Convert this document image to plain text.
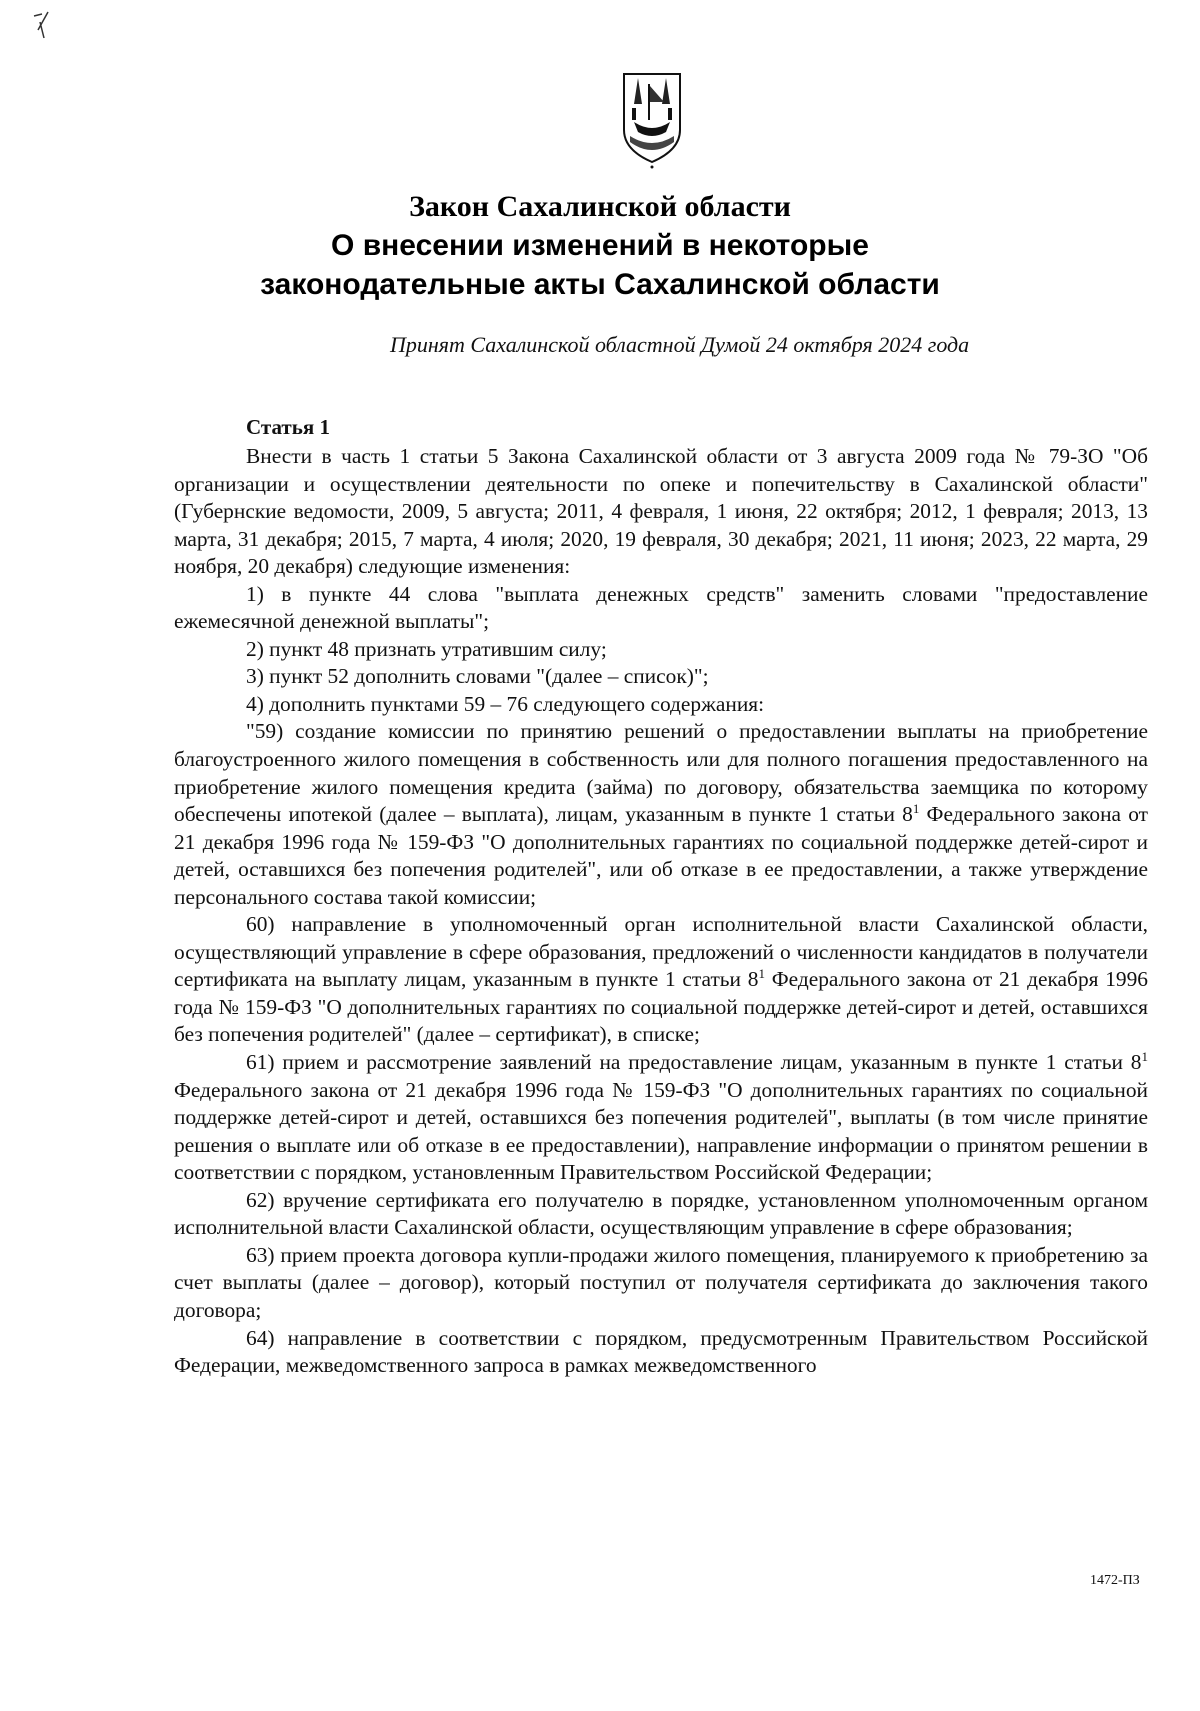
Закон Сахалинской области
О внесении изменений в некоторые
законодательные акты Сахалинской области
Принят Сахалинской областной Думой 24 октября 2024 года
Статья 1

Внести в часть 1 статьи 5 Закона Сахалинской области от 3 августа 2009 года № 79-ЗО "Об организации и осуществлении деятельности по опеке и попечительству в Сахалинской области" (Губернские ведомости, 2009, 5 августа; 2011, 4 февраля, 1 июня, 22 октября; 2012, 1 февраля; 2013, 13 марта, 31 декабря; 2015, 7 марта, 4 июля; 2020, 19 февраля, 30 декабря; 2021, 11 июня; 2023, 22 марта, 29 ноября, 20 декабря) следующие изменения:

1) в пункте 44 слова "выплата денежных средств" заменить словами "предоставление ежемесячной денежной выплаты";

2) пункт 48 признать утратившим силу;

3) пункт 52 дополнить словами "(далее – список)";

4) дополнить пунктами 59 – 76 следующего содержания:

"59) создание комиссии по принятию решений о предоставлении выплаты на приобретение благоустроенного жилого помещения в собственность или для полного погашения предоставленного на приобретение жилого помещения кредита (займа) по договору, обязательства заемщика по которому обеспечены ипотекой (далее – выплата), лицам, указанным в пункте 1 статьи $8^1$ Федерального закона от 21 декабря 1996 года № 159-ФЗ "О дополнительных гарантиях по социальной поддержке детей-сирот и детей, оставшихся без попечения родителей", или об отказе в ее предоставлении, а также утверждение персонального состава такой комиссии;

60) направление в уполномоченный орган исполнительной власти Сахалинской области, осуществляющий управление в сфере образования, предложений о численности кандидатов в получатели сертификата на выплату лицам, указанным в пункте 1 статьи $8^1$ Федерального закона от 21 декабря 1996 года № 159-ФЗ "О дополнительных гарантиях по социальной поддержке детей-сирот и детей, оставшихся без попечения родителей" (далее – сертификат), в списке;

61) прием и рассмотрение заявлений на предоставление лицам, указанным в пункте 1 статьи $8^1$ Федерального закона от 21 декабря 1996 года № 159-ФЗ "О дополнительных гарантиях по социальной поддержке детей-сирот и детей, оставшихся без попечения родителей", выплаты (в том числе принятие решения о выплате или об отказе в ее предоставлении), направление информации о принятом решении в соответствии с порядком, установленным Правительством Российской Федерации;

62) вручение сертификата его получателю в порядке, установленном уполномоченным органом исполнительной власти Сахалинской области, осуществляющим управление в сфере образования;

63) прием проекта договора купли-продажи жилого помещения, планируемого к приобретению за счет выплаты (далее – договор), который поступил от получателя сертификата до заключения такого договора;

64) направление в соответствии с порядком, предусмотренным Правительством Российской Федерации, межведомственного запроса в рамках межведомственного

1472-ПЗ
